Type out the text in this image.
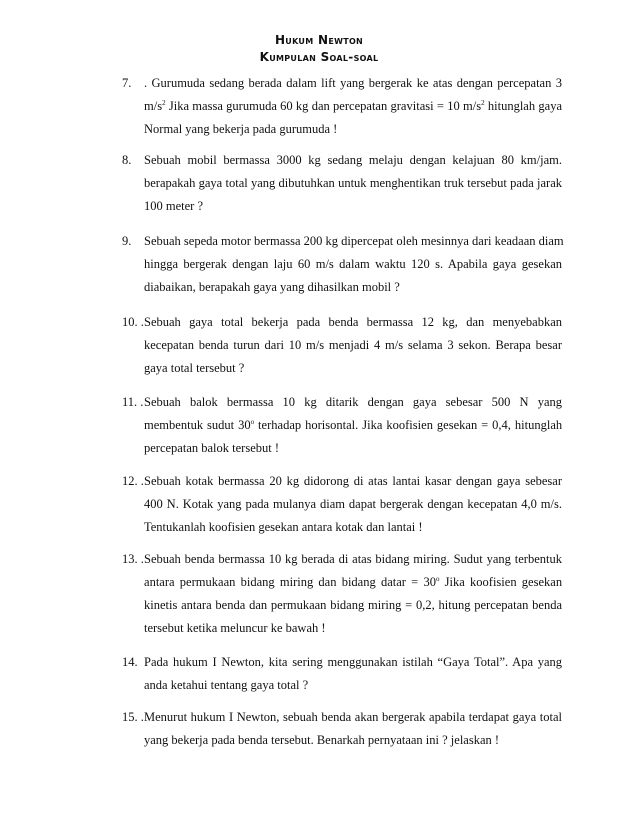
Hukum Newton
Kumpulan Soal-soal
7. . Gurumuda sedang berada dalam lift yang bergerak ke atas dengan percepatan 3
$m/s^2$ Jika massa gurumuda 60 kg dan percepatan gravitasi = 10 $m/s^2$ hitunglah gaya
Normal yang bekerja pada gurumuda !
8. Sebuah mobil bermassa 3000 kg sedang melaju dengan kelajuan 80 km/jam.
berapakah gaya total yang dibutuhkan untuk menghentikan truk tersebut pada jarak
100 meter ?
9. Sebuah sepeda motor bermassa 200 kg dipercepat oleh mesinnya dari keadaan diam
hingga bergerak dengan laju 60 m/s dalam waktu 120 s. Apabila gaya gesekan
diabaikan, berapakah gaya yang dihasilkan mobil ?
10. . Sebuah gaya total bekerja pada benda bermassa 12 kg, dan menyebabkan
kecepatan benda turun dari 10 m/s menjadi 4 m/s selama 3 sekon. Berapa besar
gaya total tersebut ?
11. . Sebuah balok bermassa 10 kg ditarik dengan gaya sebesar 500 N yang
membentuk sudut 30$^o$ terhadap horisontal. Jika koofisien gesekan = 0,4, hitunglah
percepatan balok tersebut !
12. . Sebuah kotak bermassa 20 kg didorong di atas lantai kasar dengan gaya sebesar
400 N. Kotak yang pada mulanya diam dapat bergerak dengan kecepatan 4,0 m/s.
Tentukanlah koofisien gesekan antara kotak dan lantai !
13. . Sebuah benda bermassa 10 kg berada di atas bidang miring. Sudut yang terbentuk
antara permukaan bidang miring dan bidang datar = $30^o$ Jika koofisien gesekan
kinetis antara benda dan permukaan bidang miring = 0,2, hitung percepatan benda
tersebut ketika meluncur ke bawah !
14. Pada hukum I Newton, kita sering menggunakan istilah “Gaya Total”. Apa yang
anda ketahui tentang gaya total ?
15. . Menurut hukum I Newton, sebuah benda akan bergerak apabila terdapat gaya total
yang bekerja pada benda tersebut. Benarkah pernyataan ini ? jelaskan !
